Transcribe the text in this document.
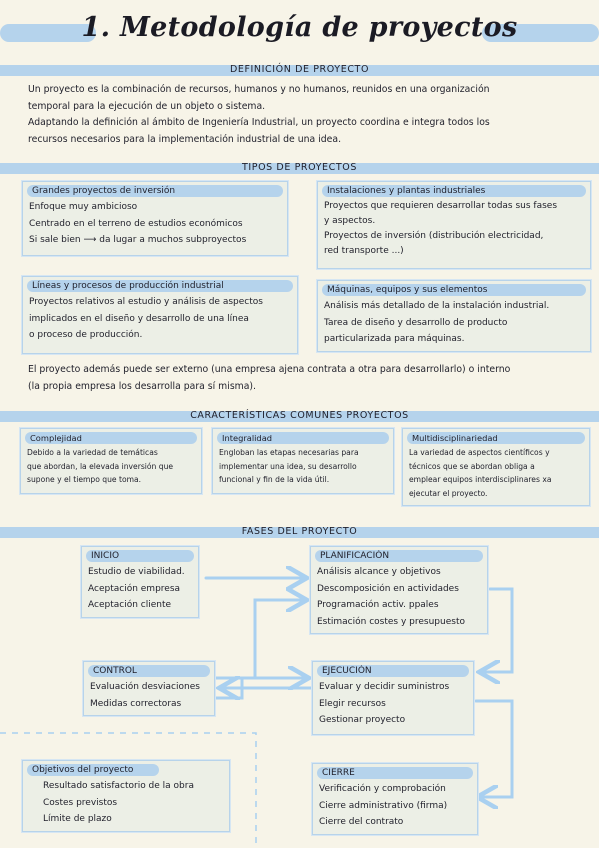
1. Metodología de proyectos
DEFINICIÓN DE PROYECTO
Un proyecto es la combinación de recursos, humanos y no humanos, reunidos en una organización
temporal para la ejecución de un objeto o sistema.
Adaptando la definición al ámbito de Ingeniería Industrial, un proyecto coordina e integra todos los
recursos necesarios para la implementación industrial de una idea.
TIPOS DE PROYECTOS
Grandes proyectos de inversión
Enfoque muy ambicioso
Centrado en el terreno de estudios económicos
Si sale bien ⟶ da lugar a muchos subproyectos
Instalaciones y plantas industriales
Proyectos que requieren desarrollar todas sus fases
y aspectos.
Proyectos de inversión (distribución electricidad,
red transporte ...)
Líneas y procesos de producción industrial
Proyectos relativos al estudio y análisis de aspectos
implicados en el diseño y desarrollo de una línea
o proceso de producción.
Máquinas, equipos y sus elementos
Análisis más detallado de la instalación industrial.
Tarea de diseño y desarrollo de producto
particularizada para máquinas.
El proyecto además puede ser externo (una empresa ajena contrata a otra para desarrollarlo) o interno
(la propia empresa los desarrolla para sí misma).
CARACTERÍSTICAS COMUNES PROYECTOS
Complejidad
Debido a la variedad de temáticas
que abordan, la elevada inversión que
supone y el tiempo que toma.
Integralidad
Engloban las etapas necesarias para
implementar una idea, su desarrollo
funcional y fin de la vida útil.
Multidisciplinariedad
La variedad de aspectos científicos y
técnicos que se abordan obliga a
emplear equipos interdisciplinares xa
ejecutar el proyecto.
FASES DEL PROYECTO
INICIO
Estudio de viabilidad.
Aceptación empresa
Aceptación cliente
PLANIFICACIÓN
Análisis alcance y objetivos
Descomposición en actividades
Programación activ. ppales
Estimación costes y presupuesto
CONTROL
Evaluación desviaciones
Medidas correctoras
EJECUCIÓN
Evaluar y decidir suministros
Elegir recursos
Gestionar proyecto
Objetivos del proyecto
Resultado satisfactorio de la obra
Costes previstos
Límite de plazo
CIERRE
Verificación y comprobación
Cierre administrativo (firma)
Cierre del contrato
